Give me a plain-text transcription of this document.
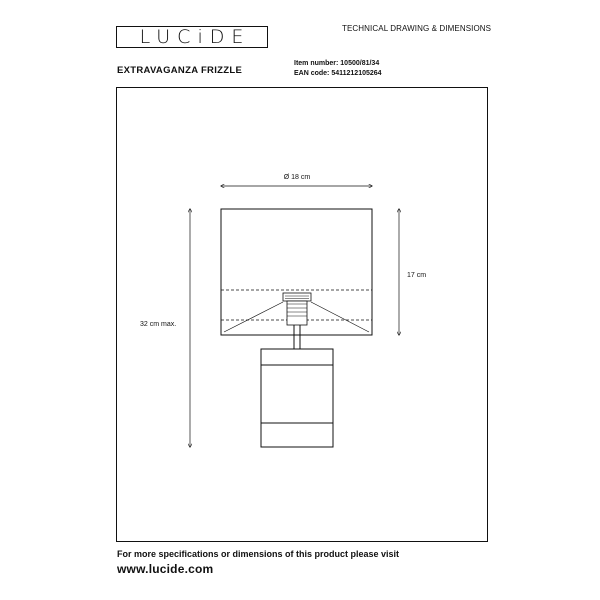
LUCiDE	TECHNICAL DRAWING & DIMENSIONS
EXTRAVAGANZA FRIZZLE
Item number: 10500/81/34
EAN code: 5411212105264
Ø 18 cm
17 cm
32 cm max.
For more specifications or dimensions of this product please visit
www.lucide.com
